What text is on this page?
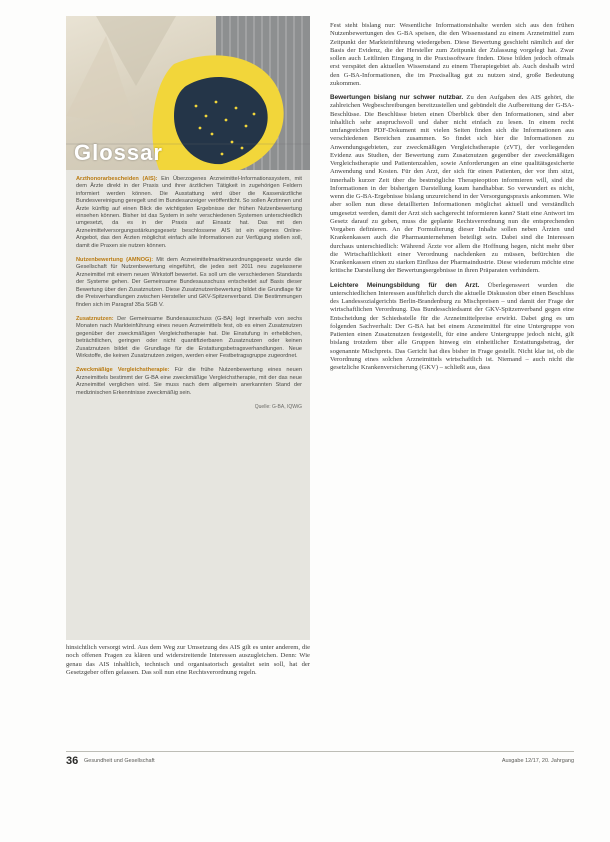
Glossar

Arzthonorarbescheiden (AIS): Ein Überzogenes Arzneimittel-Informationssystem, mit dem Ärzte direkt in der Praxis und ihrer ärztlichen Tätigkeit in zugehörigen Feldern informiert werden können. Die Ausstattung wird über die Kassenärztliche Bundesvereinigung geregelt und im Bundesanzeiger veröffentlicht. So sollen Ärztinnen und Ärzte künftig auf einen Blick die wichtigsten Ergebnisse der frühen Nutzenbewertung einsehen können. Bisher ist das System in sehr verschiedenen Systemen unterschiedlich umgesetzt, da es in der Praxis auf Einsatz hat. Das mit den Arzneimittelversorgungsstärkungsgesetz beschlossene AIS ist ein eigenes Online-Angebot, das den Ärzten möglichst einfach alle Informationen zur Verfügung stellen soll, damit die Praxen sie nutzen können.

Nutzenbewertung (AMNOG): Mit dem Arzneimittelmarktneuordnungsgesetz wurde die Gesellschaft für Nutzenbewertung eingeführt, die jedes seit 2011 neu zugelassene Arzneimittel mit einem neuen Wirkstoff bewertet. Es soll um die verschiedenen Standards der Systeme gehen. Der Gemeinsame Bundesausschuss entscheidet auf Basis dieser Bewertung über den Zusatznutzen. Diese Zusatznutzenbewertung bildet die Grundlage für die Preisverhandlungen zwischen Hersteller und GKV-Spitzenverband. Die Bestimmungen finden sich im Paragraf 35a SGB V.

Zusatznutzen: Der Gemeinsame Bundesausschuss (G-BA) legt innerhalb von sechs Monaten nach Markteinführung eines neuen Arzneimittels fest, ob es einen Zusatznutzen gegenüber der zweckmäßigen Vergleichstherapie hat. Die Einstufung in erheblichen, beträchtlichen, geringen oder nicht quantifizierbaren Zusatznutzen oder keinen Zusatznutzen bildet die Grundlage für die Erstattungsbetragsverhandlungen. Neue Wirkstoffe, die keinen Zusatznutzen zeigen, werden einer Festbetragsgruppe zugeordnet.

Zweckmäßige Vergleichstherapie: Für die frühe Nutzenbewertung eines neuen Arzneimittels bestimmt der G-BA eine zweckmäßige Vergleichstherapie, mit der das neue Arzneimittel verglichen wird. Sie muss nach dem allgemein anerkannten Stand der medizinischen Erkenntnisse zweckmäßig sein.

Quelle: G-BA, IQWiG

hinsichtlich versorgt wird. Aus dem Weg zur Umsetzung des AIS gilt es unter anderem, die noch offenen Fragen zu klären und widerstreitende Interessen auszugleichen. Denn: Wie genau das AIS inhaltlich, technisch und organisatorisch gestaltet sein soll, hat der Gesetzgeber offen gelassen. Das soll nun eine Rechtsverordnung regeln.

Fest steht bislang nur: Wesentliche Informationsinhalte werden sich aus den frühen Nutzenbewertungen des G-BA speisen, die den Wissensstand zu einem Arzneimittel zum Zeitpunkt der Markteinführung wiedergeben. Diese Bewertung geschieht nämlich auf der Basis der Evidenz, die der Hersteller zum Zeitpunkt der Zulassung vorgelegt hat. Zwar sollen auch Leitlinien Eingang in die Praxissoftware finden. Diese bilden jedoch oftmals erst verspätet den aktuellen Wissenstand zu einem Therapiegebiet ab. Auch deshalb wird den G-BA-Informationen, die im Praxisalltag gut zu nutzen sind, große Bedeutung zukommen.

Bewertungen bislang nur schwer nutzbar. Zu den Aufgaben des AIS gehört, die zahlreichen Wegbeschreibungen bereitzustellen und gebündelt die Aufbereitung der G-BA-Beschlüsse. Die Beschlüsse bieten einen Überblick über den Informationen, sind aber inhaltlich sehr anspruchsvoll und daher nicht einfach zu lesen. In einem recht umfangreichen PDF-Dokument mit vielen Seiten finden sich die Informationen aus verschiedenen Bereichen zusammen. So findet sich hier die Informationen zu Anwendungsgebieten, zur zweckmäßigen Vergleichstherapie (zVT), der vorliegenden Evidenz aus Studien, der Bewertung zum Zusatznutzen gegenüber der zweckmäßigen Vergleichstherapie und Patientenzahlen, sowie Anforderungen an eine qualitätsgesicherte Anwendung und Kosten. Für den Arzt, der sich für einen Patienten, der vor ihm sitzt, innerhalb kurzer Zeit über die bestmögliche Therapieoption informieren will, sind die Informationen in der bisherigen Darstellung kaum handhabbar. So verwundert es nicht, wenn die G-BA-Ergebnisse bislang unzureichend in der Versorgungspraxis ankommen. Wie aber sollen nun diese detaillierten Informationen möglichst aktuell und verständlich umgesetzt werden, damit der Arzt sich sachgerecht informieren kann? Statt eine Antwort im Gesetz darauf zu geben, muss die geplante Rechtsverordnung nun die entsprechenden Vorgaben definieren. An der Formulierung dieser Inhalte sollen neben Ärzten und Krankenkassen auch die Pharmaunternehmen beteiligt sein. Dabei sind die Interessen durchaus unterschiedlich: Während Ärzte vor allem die Hoffnung hegen, nicht mehr über die Wirtschaftlichkeit einer Verordnung nachdenken zu müssen, befürchten die Krankenkassen einen zu starken Einfluss der Pharmaindustrie. Diese wiederum möchte eine kritische Darstellung der Bewertungsergebnisse in ihren Präparaten verhindern.

Leichtere Meinungsbildung für den Arzt. Überlegenswert wurden die unterschiedlichen Interessen ausführlich durch die aktuelle Diskussion über einen Beschluss des Landessozialgerichts Berlin-Brandenburg zu Mischpreisen – und damit der Frage der wirtschaftlichen Verordnung. Das Bundesschiedsamt der GKV-Spitzenverband gegen eine Entscheidung der Schiedsstelle für die Arzneimittelpreise erwirkt. Dabei ging es um folgenden Sachverhalt: Der G-BA hat bei einem Arzneimittel für eine Untergruppe von Patienten einen Zusatznutzen festgestellt, für eine andere Untergruppe jedoch nicht, gilt bislang trotzdem über alle Gruppen hinweg ein einheitlicher Erstattungsbetrag, der sogenannte Mischpreis. Das Gericht hat dies bisher in Frage gestellt. Nicht klar ist, ob die Verordnung eines solchen Arzneimittels wirtschaftlich ist. Niemand – auch nicht die gesetzliche Krankenversicherung (GKV) – schließt aus, dass

36 Gesundheit und Gesellschaft	Ausgabe 12/17, 20. Jahrgang
